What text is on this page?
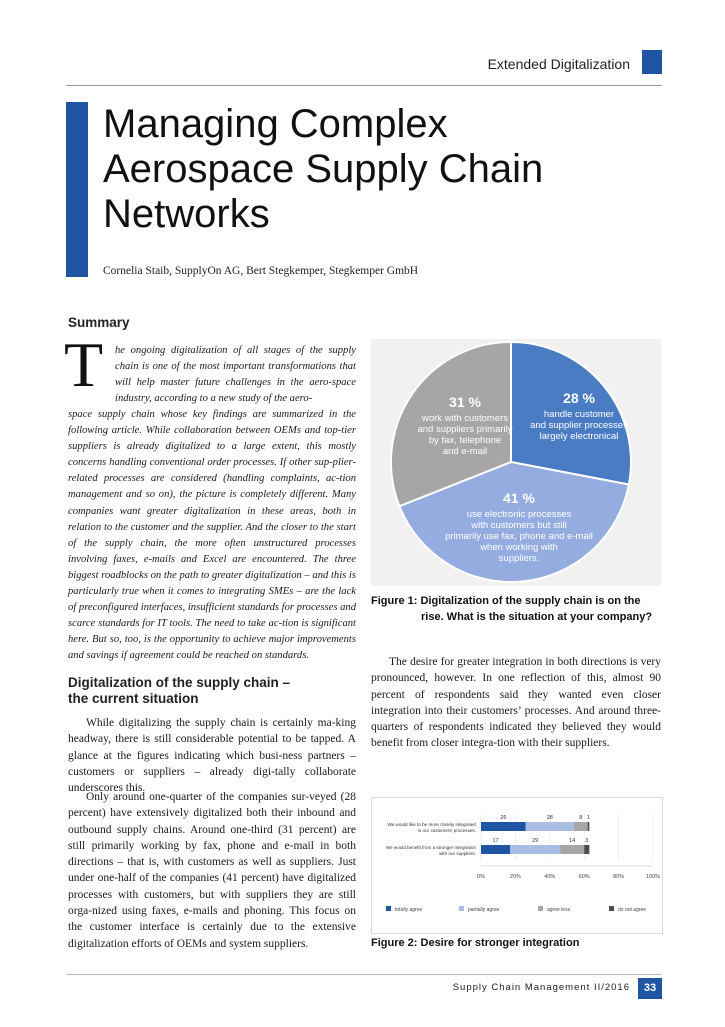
Extended Digitalization
Managing Complex
Aerospace Supply Chain
Networks
Cornelia Staib, SupplyOn AG, Bert Stegkemper, Stegkemper GmbH
Summary
T he ongoing digitalization of all stages of the supply chain is one of the most important transformations that will help master future challenges in the aero-space industry, according to a new study of the aero-
space supply chain whose key findings are summarized in the following article. While collaboration between OEMs and top-tier suppliers is already digitalized to a large extent, this mostly concerns handling conventional order processes. If other sup-plier-related processes are considered (handling complaints, ac-tion management and so on), the picture is completely different. Many companies want greater digitalization in these areas, both in relation to the customer and the supplier. And the closer to the start of the supply chain, the more often unstructured processes involving faxes, e-mails and Excel are encountered. The three biggest roadblocks on the path to greater digitalization – and this is particularly true when it comes to integrating SMEs – are the lack of preconfigured interfaces, insufficient standards for processes and scarce standards for IT tools. The need to take ac-tion is significant here. But so, too, is the opportunity to achieve major improvements and savings if agreement could be reached on standards.
Digitalization of the supply chain –
the current situation

While digitalizing the supply chain is certainly ma-king headway, there is still considerable potential to be tapped. A glance at the figures indicating which busi-ness partners – customers or suppliers – already digi-tally collaborate underscores this.

Only around one-quarter of the companies sur-veyed (28 percent) have extensively digitalized both their inbound and outbound supply chains. Around one-third (31 percent) are still primarily working by fax, phone and e-mail in both directions – that is, with customers as well as suppliers. Just under one-half of the companies (41 percent) have digitalized processes with customers, but with suppliers they are still orga-nized using faxes, e-mails and phoning. This focus on the customer interface is certainly due to the extensive digitalization efforts of OEMs and system suppliers.

The desire for greater integration in both directions is very pronounced, however. In one reflection of this, almost 90 percent of respondents said they wanted even closer integration into their customers’ processes. And around three-quarters of respondents indicated they believed they would benefit from closer integra-tion with their suppliers.

28 %
handle customer
and supplier processes
largely electronical
41 %
use electronic processes
with customers but still
primarily use fax, phone and e-mail
when working with
suppliers.
31 %
work with customers
and suppliers primarily
by fax, telephone
and e-mail
Figure 1: Digitalization of the supply chain is on the
rise. What is the situation at your company?
0%	20%	40%	60%	80%	100%
We would like to be more closely integrated
in our customers' processes.
We would benefit from a stronger integration
with our suppliers.
26	28	8 1
17	29	14 3
totally agree	partially agree	agree less	do not agree
Figure 2: Desire for stronger integration
Supply Chain Management II/2016	33
